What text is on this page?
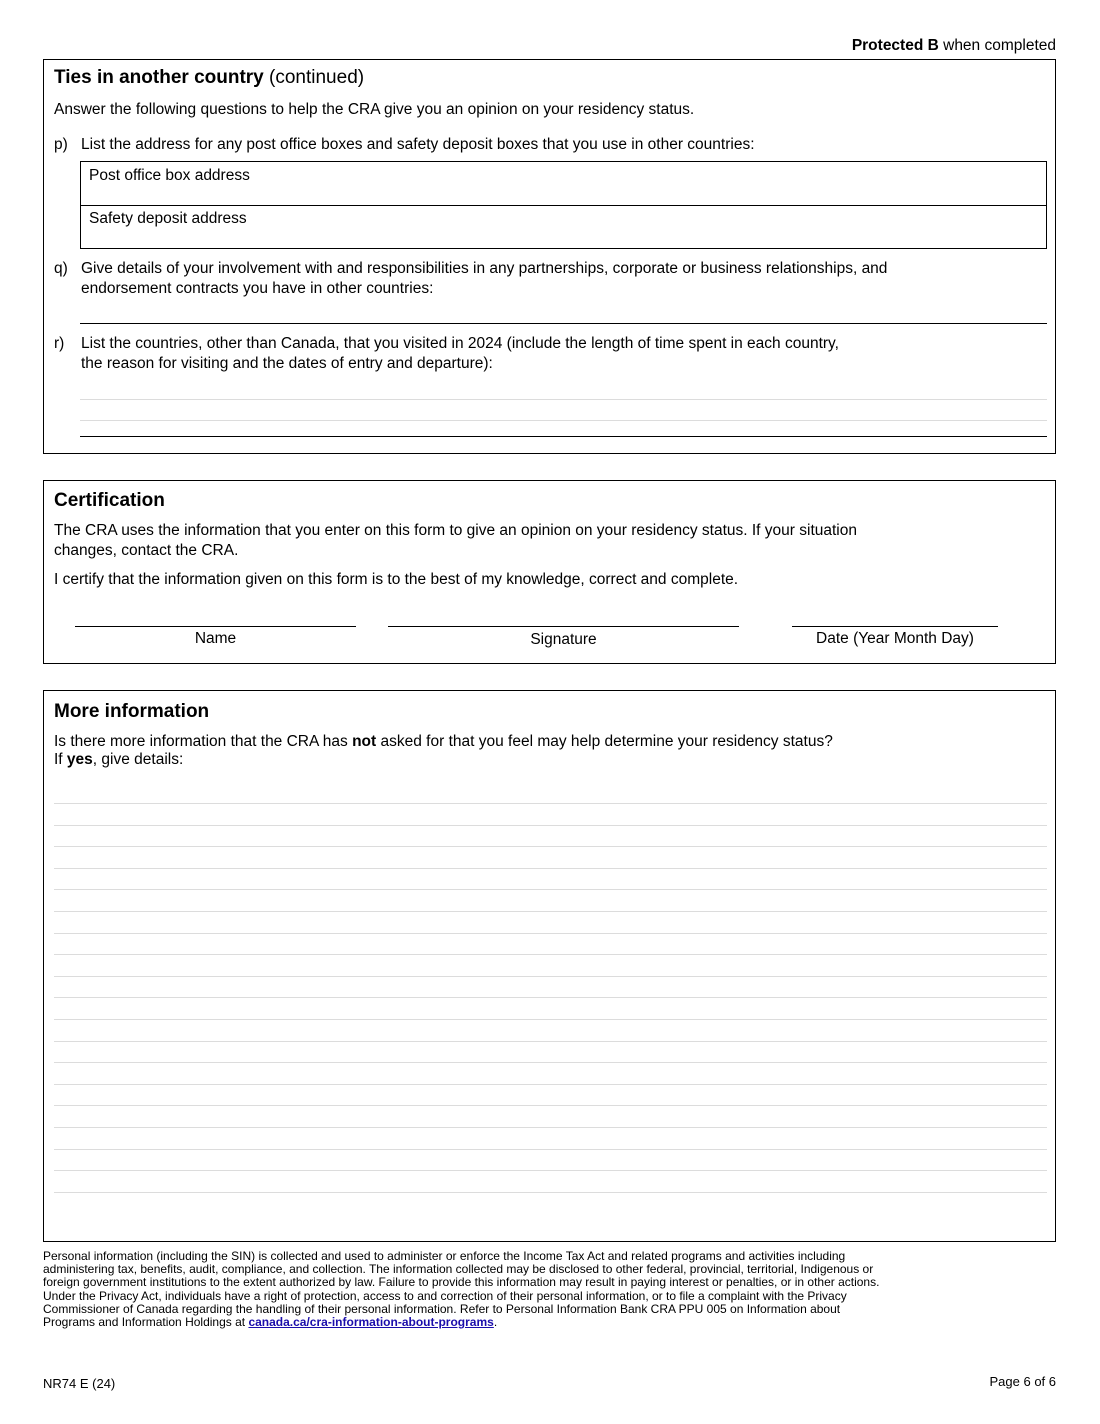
Protected B when completed
Ties in another country (continued)
Answer the following questions to help the CRA give you an opinion on your residency status.
p) List the address for any post office boxes and safety deposit boxes that you use in other countries:
Post office box address
Safety deposit address
q) Give details of your involvement with and responsibilities in any partnerships, corporate or business relationships, and
endorsement contracts you have in other countries:
r) List the countries, other than Canada, that you visited in 2024 (include the length of time spent in each country,
the reason for visiting and the dates of entry and departure):
Certification
The CRA uses the information that you enter on this form to give an opinion on your residency status. If your situation
changes, contact the CRA.
I certify that the information given on this form is to the best of my knowledge, correct and complete.
Name	Signature	Date (Year Month Day)
More information
Is there more information that the CRA has not asked for that you feel may help determine your residency status?
If yes, give details:
Personal information (including the SIN) is collected and used to administer or enforce the Income Tax Act and related programs and activities including
administering tax, benefits, audit, compliance, and collection. The information collected may be disclosed to other federal, provincial, territorial, Indigenous or
foreign government institutions to the extent authorized by law. Failure to provide this information may result in paying interest or penalties, or in other actions.
Under the Privacy Act, individuals have a right of protection, access to and correction of their personal information, or to file a complaint with the Privacy
Commissioner of Canada regarding the handling of their personal information. Refer to Personal Information Bank CRA PPU 005 on Information about
Programs and Information Holdings at canada.ca/cra-information-about-programs.
NR74 E (24)	Page 6 of 6
